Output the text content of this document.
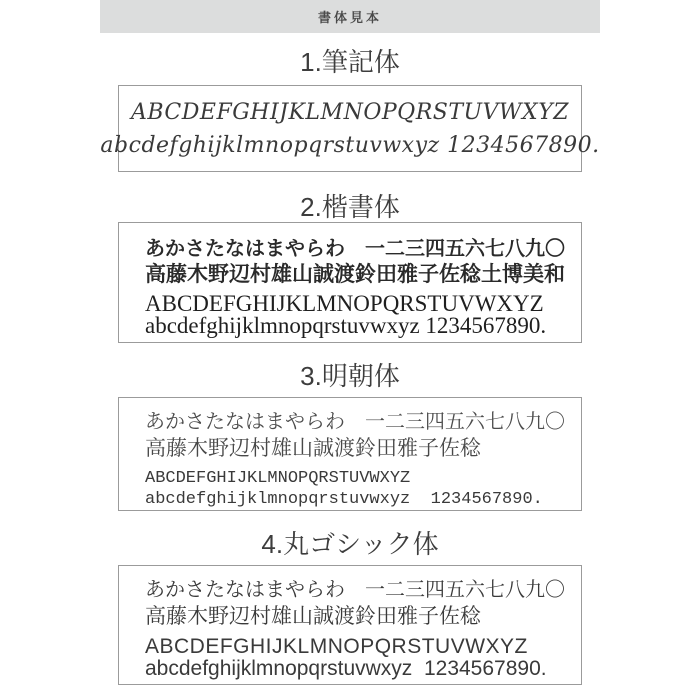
書体見本
1.筆記体
ABCDEFGHIJKLMNOPQRSTUVWXYZ
abcdefghijklmnopqrstuvwxyz 1234567890.
2.楷書体
あかさたなはまやらわ　一二三四五六七八九〇
高藤木野辺村雄山誠渡鈴田雅子佐稔土博美和
ABCDEFGHIJKLMNOPQRSTUVWXYZ
abcdefghijklmnopqrstuvwxyz 1234567890.
3.明朝体
あかさたなはまやらわ　一二三四五六七八九〇
高藤木野辺村雄山誠渡鈴田雅子佐稔
ABCDEFGHIJKLMNOPQRSTUVWXYZ
abcdefghijklmnopqrstuvwxyz  1234567890.
4.丸ゴシック体
あかさたなはまやらわ　一二三四五六七八九〇
高藤木野辺村雄山誠渡鈴田雅子佐稔
ABCDEFGHIJKLMNOPQRSTUVWXYZ
abcdefghijklmnopqrstuvwxyz  1234567890.
